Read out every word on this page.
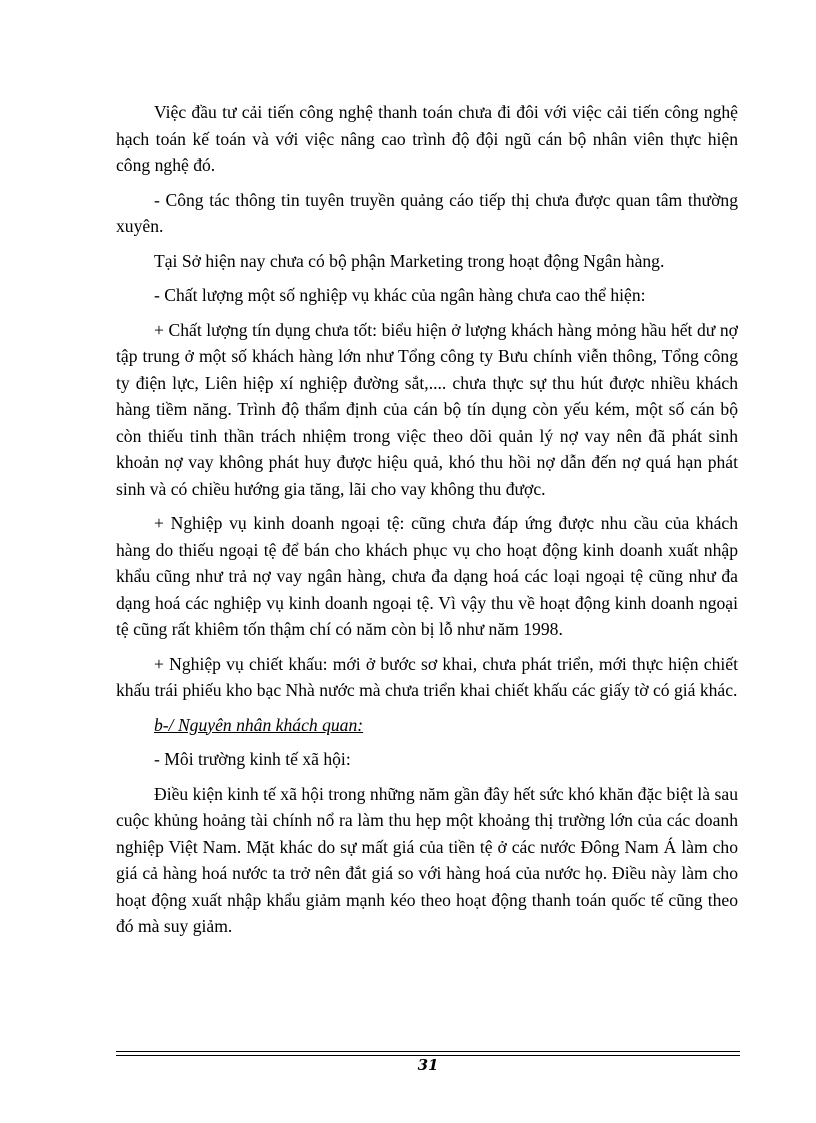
Việc đầu tư cải tiến công nghệ thanh toán chưa đi đôi với việc cải tiến công nghệ hạch toán kế toán và với việc nâng cao trình độ đội ngũ cán bộ nhân viên thực hiện công nghệ đó.

- Công tác thông tin tuyên truyền quảng cáo tiếp thị chưa được quan tâm thường xuyên.

Tại Sở hiện nay chưa có bộ phận Marketing trong hoạt động Ngân hàng.

- Chất lượng một số nghiệp vụ khác của ngân hàng chưa cao thể hiện:

+ Chất lượng tín dụng chưa tốt: biểu hiện ở lượng khách hàng mỏng hầu hết dư nợ tập trung ở một số khách hàng lớn như Tổng công ty Bưu chính viễn thông, Tổng công ty điện lực, Liên hiệp xí nghiệp đường sắt,.... chưa thực sự thu hút được nhiều khách hàng tiềm năng. Trình độ thẩm định của cán bộ tín dụng còn yếu kém, một số cán bộ còn thiếu tinh thần trách nhiệm trong việc theo dõi quản lý nợ vay nên đã phát sinh khoản nợ vay không phát huy được hiệu quả, khó thu hồi nợ dẫn đến nợ quá hạn phát sinh và có chiều hướng gia tăng, lãi cho vay không thu được.

+ Nghiệp vụ kinh doanh ngoại tệ: cũng chưa đáp ứng được nhu cầu của khách hàng do thiếu ngoại tệ để bán cho khách phục vụ cho hoạt động kinh doanh xuất nhập khẩu cũng như trả nợ vay ngân hàng, chưa đa dạng hoá các loại ngoại tệ cũng như đa dạng hoá các nghiệp vụ kinh doanh ngoại tệ. Vì vậy thu về hoạt động kinh doanh ngoại tệ cũng rất khiêm tốn thậm chí có năm còn bị lỗ như năm 1998.

+ Nghiệp vụ chiết khấu: mới ở bước sơ khai, chưa phát triển, mới thực hiện chiết khấu trái phiếu kho bạc Nhà nước mà chưa triển khai chiết khấu các giấy tờ có giá khác.

b-/ Nguyên nhân khách quan:

- Môi trường kinh tế xã hội:

Điều kiện kinh tế xã hội trong những năm gần đây hết sức khó khăn đặc biệt là sau cuộc khủng hoảng tài chính nổ ra làm thu hẹp một khoảng thị trường lớn của các doanh nghiệp Việt Nam. Mặt khác do sự mất giá của tiền tệ ở các nước Đông Nam Á làm cho giá cả hàng hoá nước ta trở nên đắt giá so với hàng hoá của nước họ. Điều này làm cho hoạt động xuất nhập khẩu giảm mạnh kéo theo hoạt động thanh toán quốc tế cũng theo đó mà suy giảm.

31
